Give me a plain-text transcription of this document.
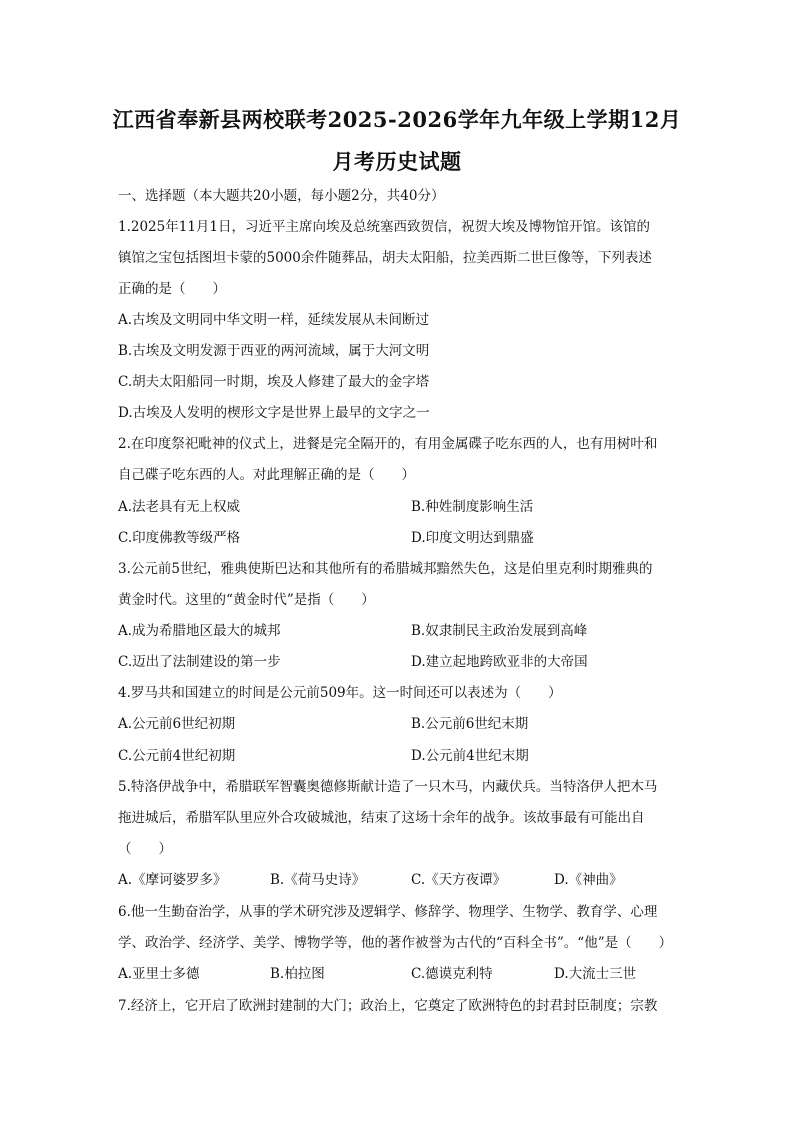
江西省奉新县两校联考2025-2026学年九年级上学期12月
月考历史试题
一、选择题（本大题共20小题，每小题2分，共40分）
1.2025年11月1日，习近平主席向埃及总统塞西致贺信，祝贺大埃及博物馆开馆。该馆的
镇馆之宝包括图坦卡蒙的5000余件随葬品，胡夫太阳船，拉美西斯二世巨像等，下列表述
正确的是（　　）
A.古埃及文明同中华文明一样，延续发展从未间断过
B.古埃及文明发源于西亚的两河流域，属于大河文明
C.胡夫太阳船同一时期，埃及人修建了最大的金字塔
D.古埃及人发明的楔形文字是世界上最早的文字之一
2.在印度祭祀毗神的仪式上，进餐是完全隔开的，有用金属碟子吃东西的人，也有用树叶和
自己碟子吃东西的人。对此理解正确的是（　　）
A.法老具有无上权威	B.种姓制度影响生活
C.印度佛教等级严格	D.印度文明达到鼎盛
3.公元前5世纪，雅典使斯巴达和其他所有的希腊城邦黯然失色，这是伯里克利时期雅典的
黄金时代。这里的“黄金时代”是指（　　）
A.成为希腊地区最大的城邦	B.奴隶制民主政治发展到高峰
C.迈出了法制建设的第一步	D.建立起地跨欧亚非的大帝国
4.罗马共和国建立的时间是公元前509年。这一时间还可以表述为（　　）
A.公元前6世纪初期	B.公元前6世纪末期
C.公元前4世纪初期	D.公元前4世纪末期
5.特洛伊战争中，希腊联军智囊奥德修斯献计造了一只木马，内藏伏兵。当特洛伊人把木马
拖进城后，希腊军队里应外合攻破城池，结束了这场十余年的战争。该故事最有可能出自
（　　）
A.《摩诃婆罗多》	B.《荷马史诗》	C.《天方夜谭》	D.《神曲》
6.他一生勤奋治学，从事的学术研究涉及逻辑学、修辞学、物理学、生物学、教育学、心理
学、政治学、经济学、美学、博物学等，他的著作被誉为古代的“百科全书”。“他”是（　　）
A.亚里士多德	B.柏拉图	C.德谟克利特	D.大流士三世
7.经济上，它开启了欧洲封建制的大门；政治上，它奠定了欧洲特色的封君封臣制度；宗教
